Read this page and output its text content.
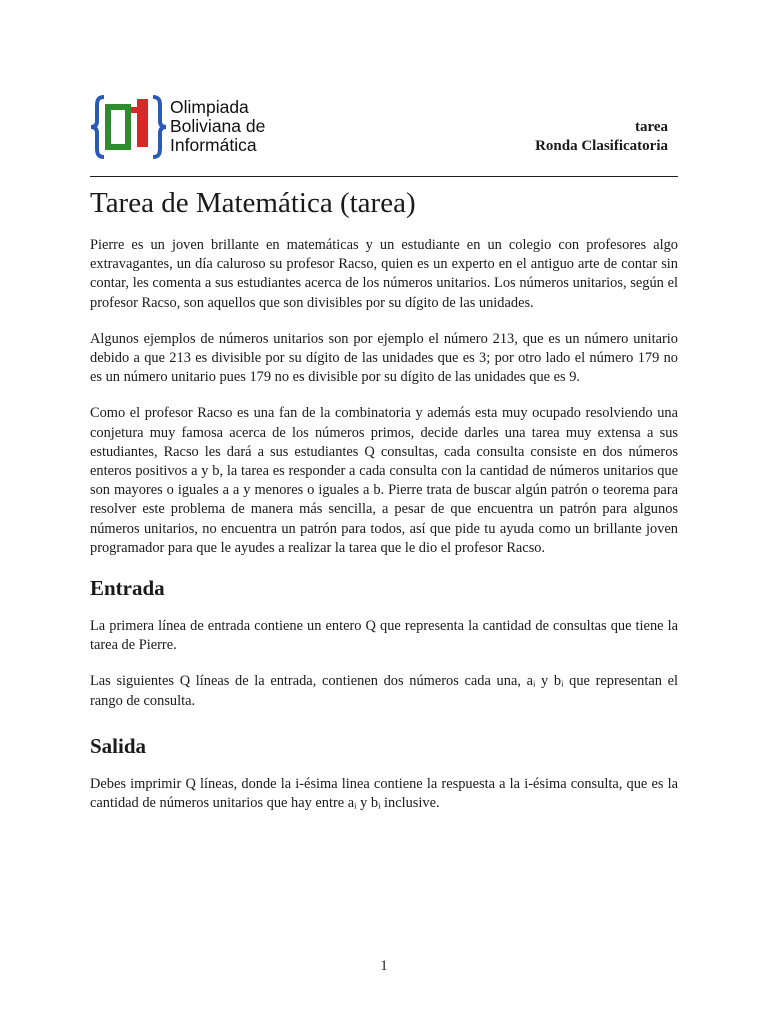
Olimpiada
Boliviana de
Informática
tarea
Ronda Clasificatoria
Tarea de Matemática (tarea)

Pierre es un joven brillante en matemáticas y un estudiante en un colegio con profesores algo extravagantes, un día caluroso su profesor Racso, quien es un experto en el antiguo arte de contar sin contar, les comenta a sus estudiantes acerca de los números unitarios. Los números unitarios, según el profesor Racso, son aquellos que son divisibles por su dígito de las unidades.

Algunos ejemplos de números unitarios son por ejemplo el número 213, que es un número unitario debido a que 213 es divisible por su dígito de las unidades que es 3; por otro lado el número 179 no es un número unitario pues 179 no es divisible por su dígito de las unidades que es 9.

Como el profesor Racso es una fan de la combinatoria y además esta muy ocupado resolviendo una conjetura muy famosa acerca de los números primos, decide darles una tarea muy extensa a sus estudiantes, Racso les dará a sus estudiantes Q consultas, cada consulta consiste en dos números enteros positivos a y b, la tarea es responder a cada consulta con la cantidad de números unitarios que son mayores o iguales a a y menores o iguales a b. Pierre trata de buscar algún patrón o teorema para resolver este problema de manera más sencilla, a pesar de que encuentra un patrón para algunos números unitarios, no encuentra un patrón para todos, así que pide tu ayuda como un brillante joven programador para que le ayudes a realizar la tarea que le dio el profesor Racso.

Entrada

La primera línea de entrada contiene un entero Q que representa la cantidad de consultas que tiene la tarea de Pierre.

Las siguientes Q líneas de la entrada, contienen dos números cada una, aᵢ y bᵢ que representan el rango de consulta.

Salida

Debes imprimir Q líneas, donde la i-ésima linea contiene la respuesta a la i-ésima consulta, que es la cantidad de números unitarios que hay entre aᵢ y bᵢ inclusive.

1
